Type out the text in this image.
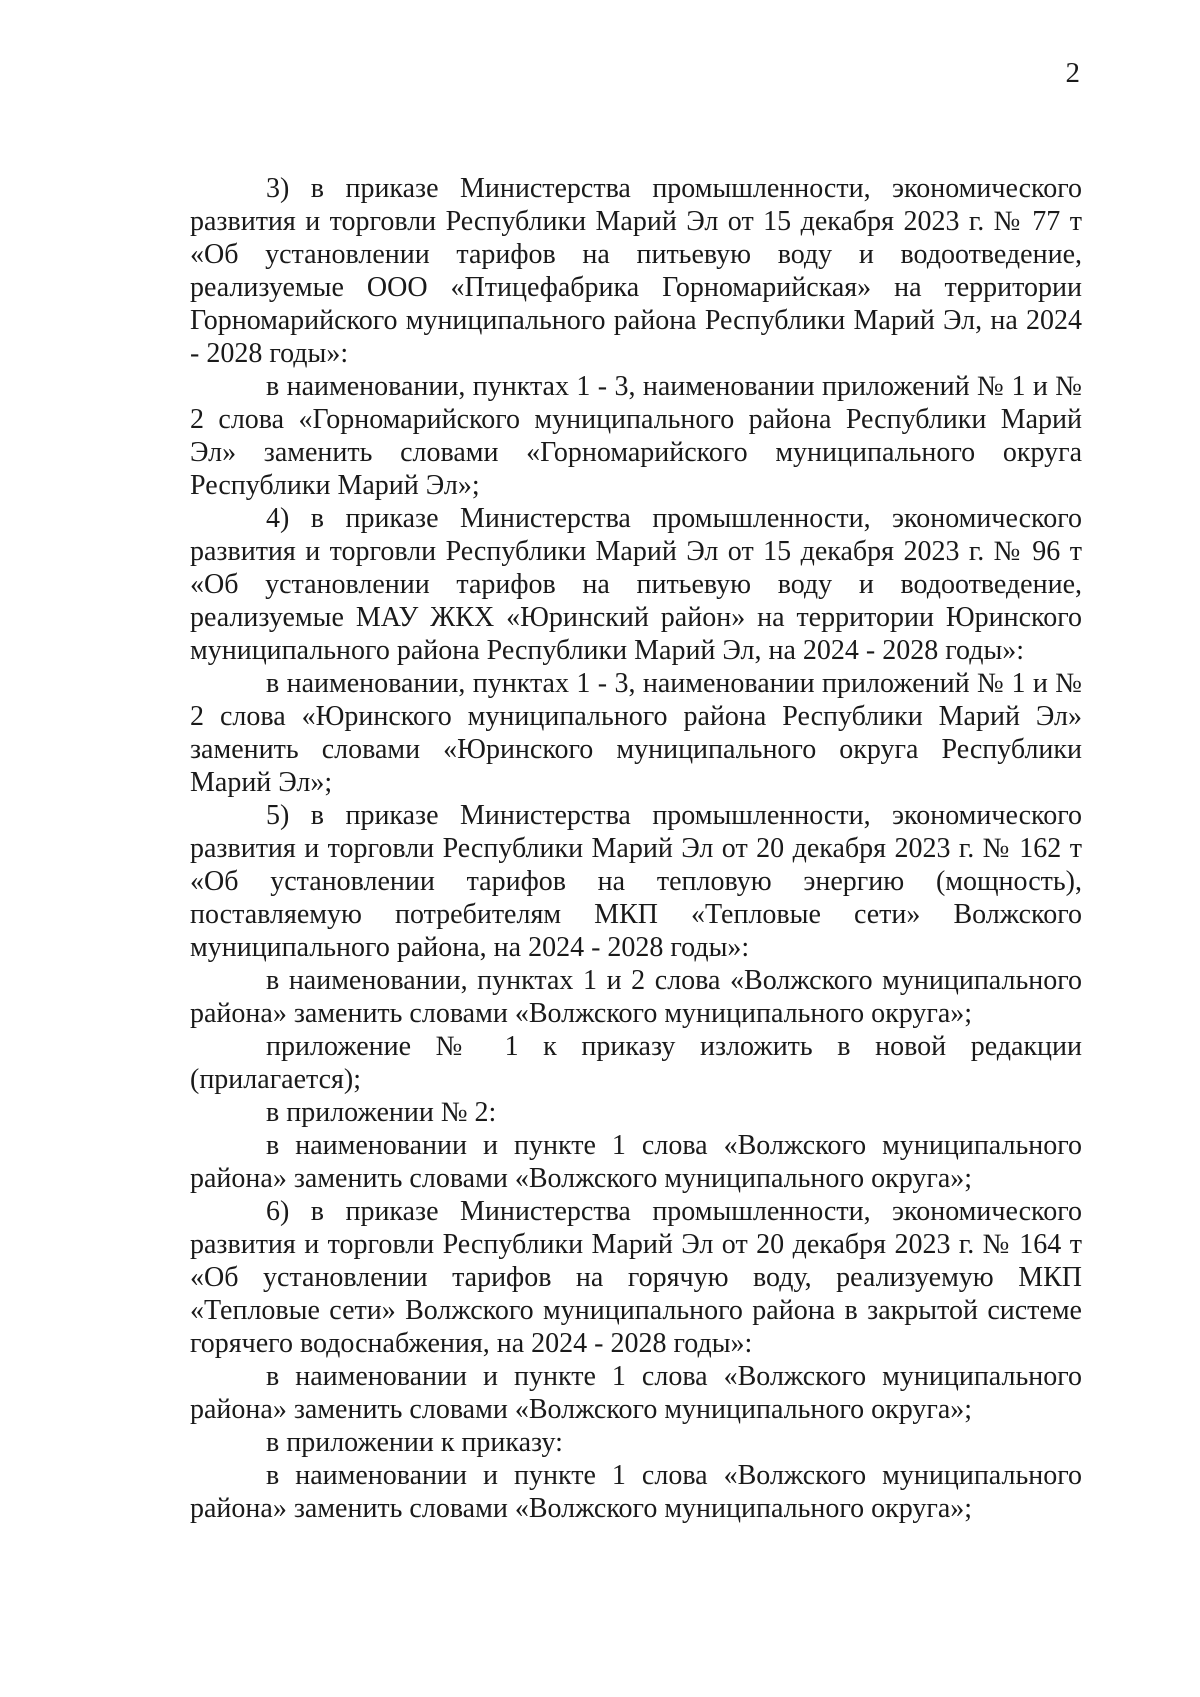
2

3) в приказе Министерства промышленности, экономического развития и торговли Республики Марий Эл от 15 декабря 2023 г. № 77 т «Об установлении тарифов на питьевую воду и водоотведение, реализуемые ООО «Птицефабрика Горномарийская» на территории Горномарийского муниципального района Республики Марий Эл, на 2024 - 2028 годы»:

в наименовании, пунктах 1 - 3, наименовании приложений № 1 и № 2 слова «Горномарийского муниципального района Республики Марий Эл» заменить словами «Горномарийского муниципального округа Республики Марий Эл»;

4) в приказе Министерства промышленности, экономического развития и торговли Республики Марий Эл от 15 декабря 2023 г. № 96 т «Об установлении тарифов на питьевую воду и водоотведение, реализуемые МАУ ЖКХ «Юринский район» на территории Юринского муниципального района Республики Марий Эл, на 2024 - 2028 годы»:

в наименовании, пунктах 1 - 3, наименовании приложений № 1 и № 2 слова «Юринского муниципального района Республики Марий Эл» заменить словами «Юринского муниципального округа Республики Марий Эл»;

5) в приказе Министерства промышленности, экономического развития и торговли Республики Марий Эл от 20 декабря 2023 г. № 162 т «Об установлении тарифов на тепловую энергию (мощность), поставляемую потребителям МКП «Тепловые сети» Волжского муниципального района, на 2024 - 2028 годы»:

в наименовании, пунктах 1 и 2 слова «Волжского муниципального района» заменить словами «Волжского муниципального округа»;

приложение № 1 к приказу изложить в новой редакции (прилагается);

в приложении № 2:

в наименовании и пункте 1 слова «Волжского муниципального района» заменить словами «Волжского муниципального округа»;

6) в приказе Министерства промышленности, экономического развития и торговли Республики Марий Эл от 20 декабря 2023 г. № 164 т «Об установлении тарифов на горячую воду, реализуемую МКП «Тепловые сети» Волжского муниципального района в закрытой системе горячего водоснабжения, на 2024 - 2028 годы»:

в наименовании и пункте 1 слова «Волжского муниципального района» заменить словами «Волжского муниципального округа»;

в приложении к приказу:

в наименовании и пункте 1 слова «Волжского муниципального района» заменить словами «Волжского муниципального округа»;
